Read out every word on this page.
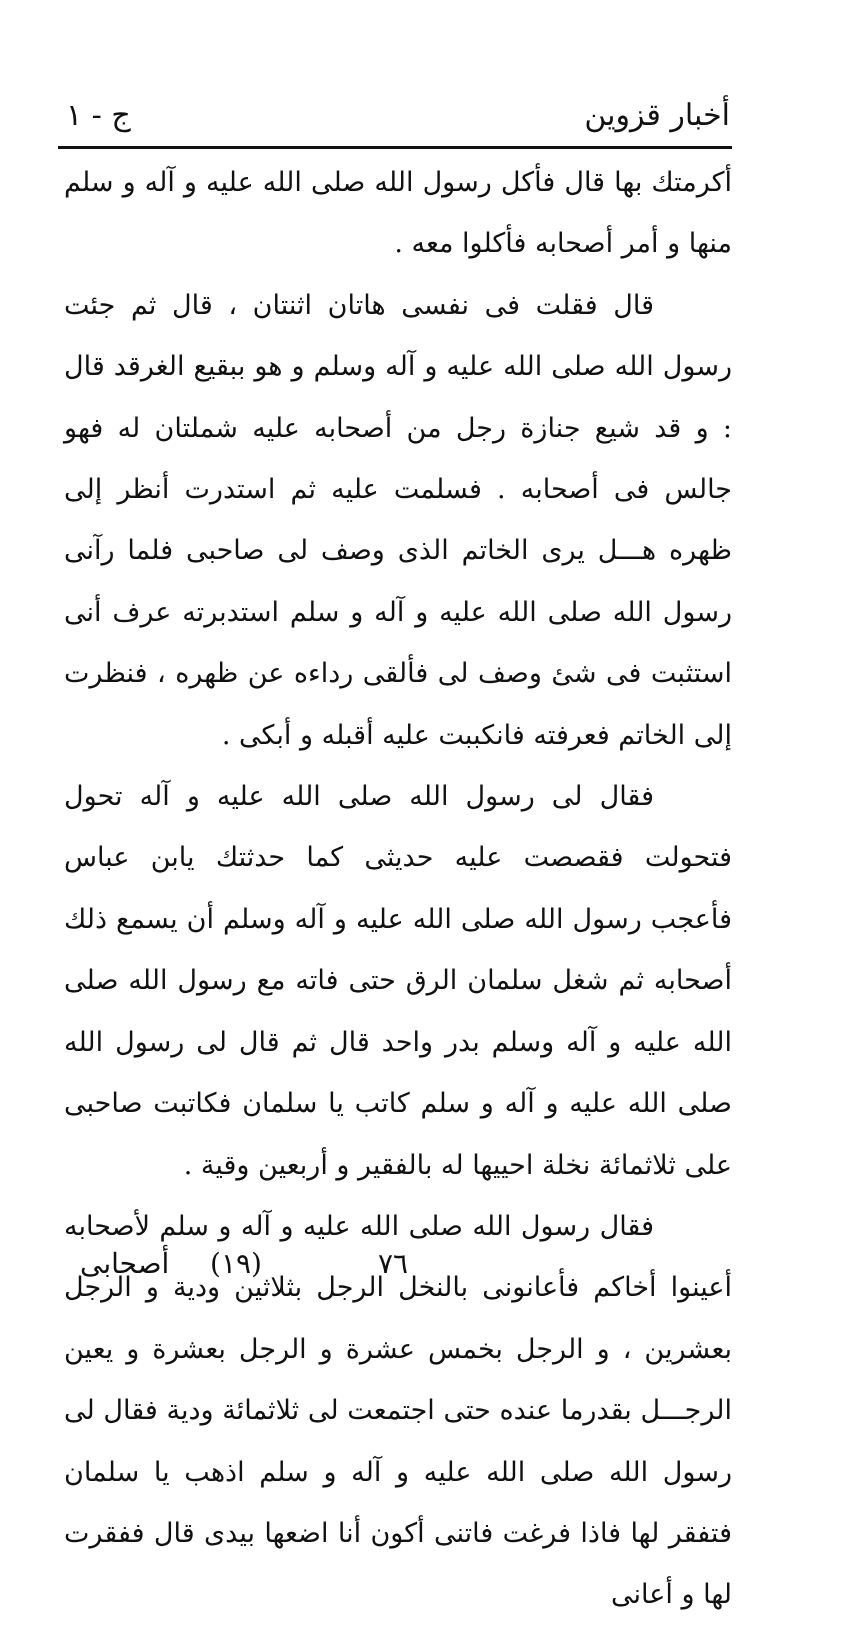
أخبار قزوين
ج - ١

أكرمتك بها قال فأكل رسول الله صلى الله عليه و آله و سلم منها و أمر أصحابه فأكلوا معه .

قال فقلت فى نفسى هاتان اثنتان ، قال ثم جئت رسول الله صلى الله عليه و آله وسلم و هو ببقيع الغرقد قال : و قد شيع جنازة رجل من أصحابه عليه شملتان له فهو جالس فى أصحابه . فسلمت عليه ثم استدرت أنظر إلى ظهره هـــل يرى الخاتم الذى وصف لى صاحبى فلما رآنى رسول الله صلى الله عليه و آله و سلم استدبرته عرف أنى استثبت فى شئ وصف لى فألقى رداءه عن ظهره ، فنظرت إلى الخاتم فعرفته فانكببت عليه أقبله و أبكى .

فقال لى رسول الله صلى الله عليه و آله تحول فتحولت فقصصت عليه حديثى كما حدثتك يابن عباس فأعجب رسول الله صلى الله عليه و آله وسلم أن يسمع ذلك أصحابه ثم شغل سلمان الرق حتى فاته مع رسول الله صلى الله عليه و آله وسلم بدر واحد قال ثم قال لى رسول الله صلى الله عليه و آله و سلم كاتب يا سلمان فكاتبت صاحبى على ثلاثمائة نخلة احييها له بالفقير و أربعين وقية .

فقال رسول الله صلى الله عليه و آله و سلم لأصحابه أعينوا أخاكم فأعانونى بالنخل الرجل بثلاثين ودية و الرجل بعشرين ، و الرجل بخمس عشرة و الرجل بعشرة و يعين الرجـــل بقدرما عنده حتى اجتمعت لى ثلاثمائة ودية فقال لى رسول الله صلى الله عليه و آله و سلم اذهب يا سلمان فتفقر لها فاذا فرغت فاتنى أكون أنا اضعها بيدى قال ففقرت لها و أعانى

٧٦
(١٩)
أصحابى
